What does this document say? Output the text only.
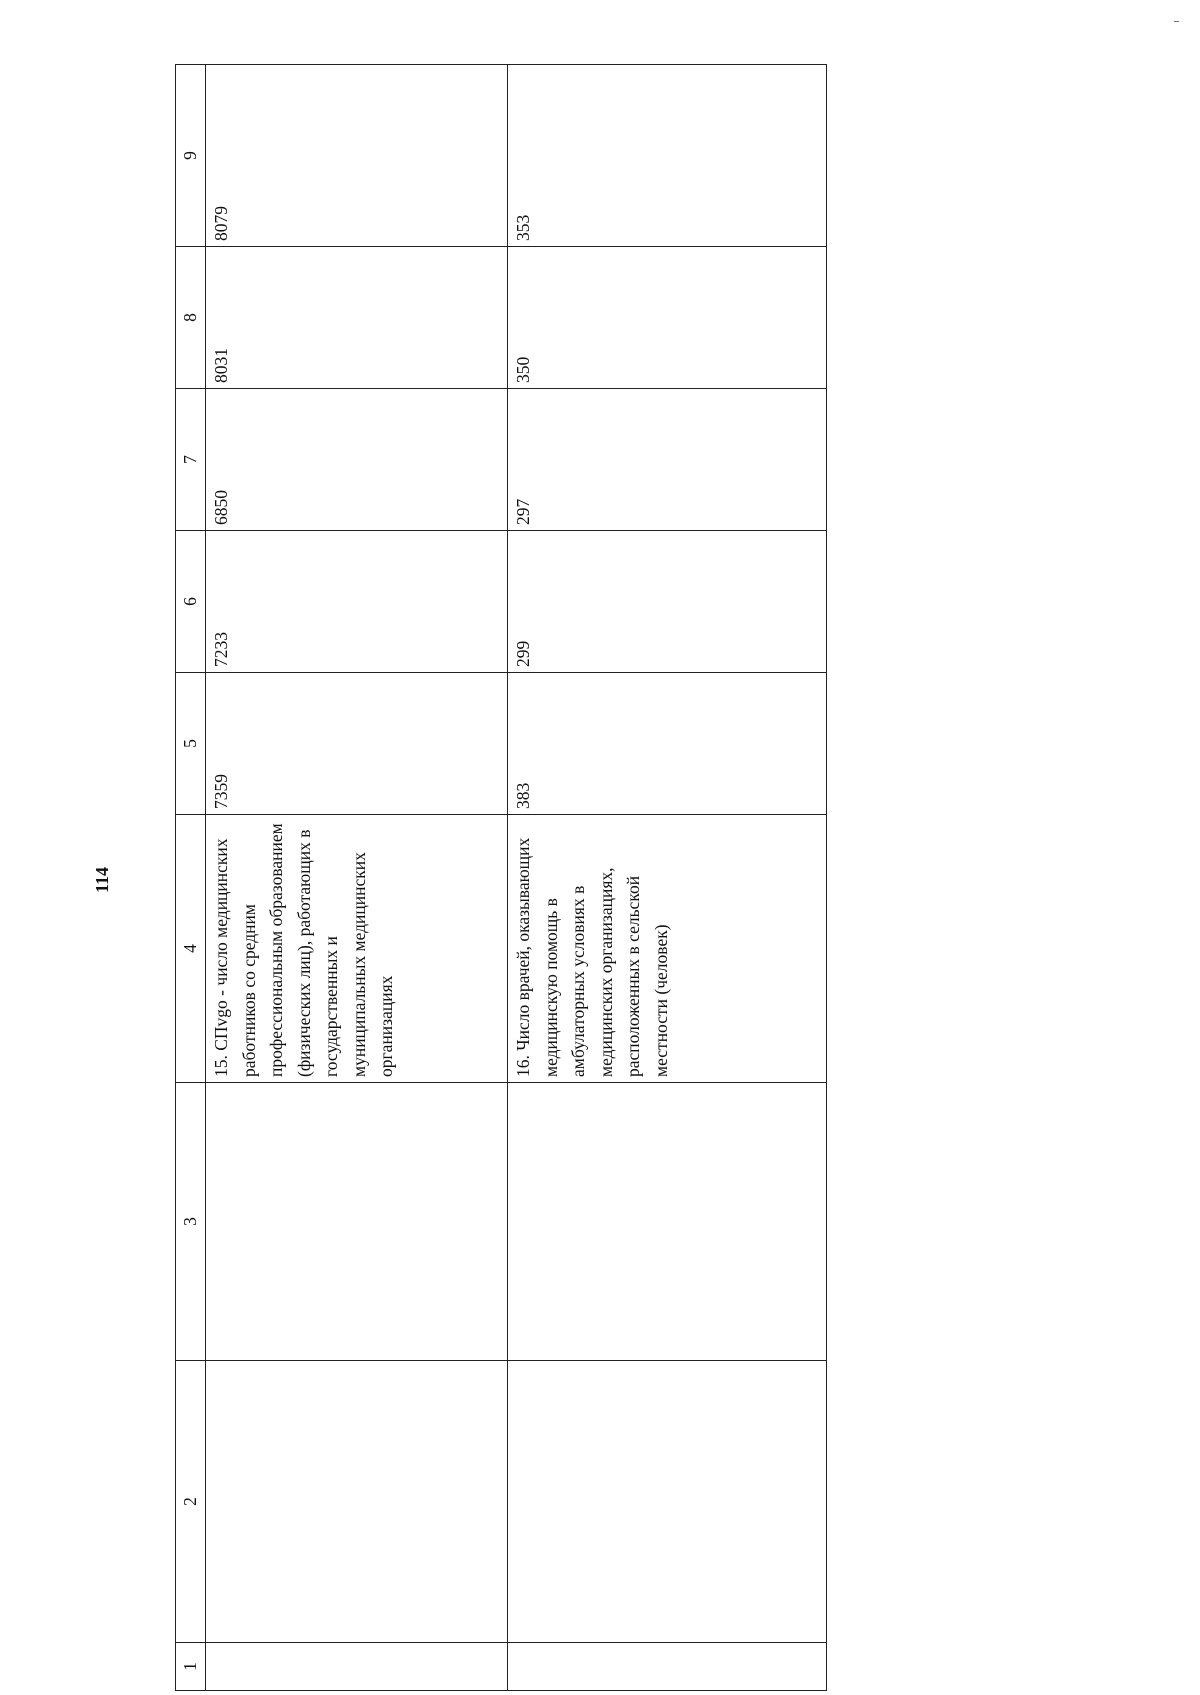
114
1	2	3	4	5	6	7	8	9
			15. СПvgo - число медицинских работников со средним профессиональным образованием (физических лиц), работающих в государственных и муниципальных медицинских организациях	7359	7233	6850	8031	8079
			16. Число врачей, оказывающих медицинскую помощь в амбулаторных условиях в медицинских организациях, расположенных в сельской местности (человек)	383	299	297	350	353
